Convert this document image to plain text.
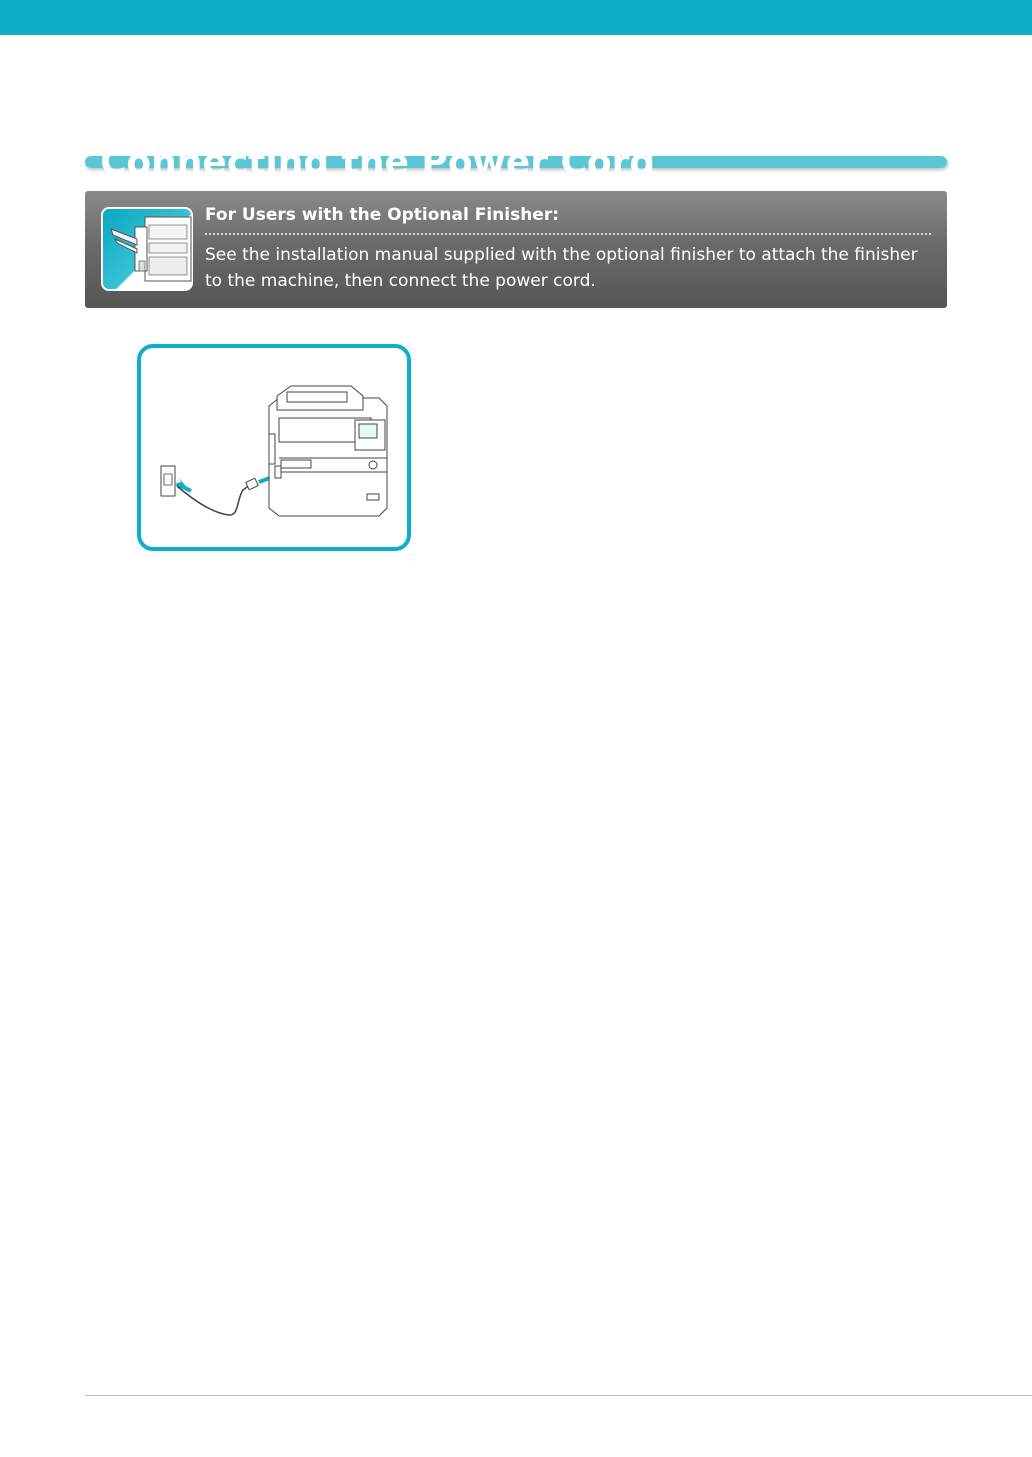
For Users with the Optional Finisher:
See the installation manual supplied with the optional finisher to attach the finisher to the machine, then connect the power cord.
